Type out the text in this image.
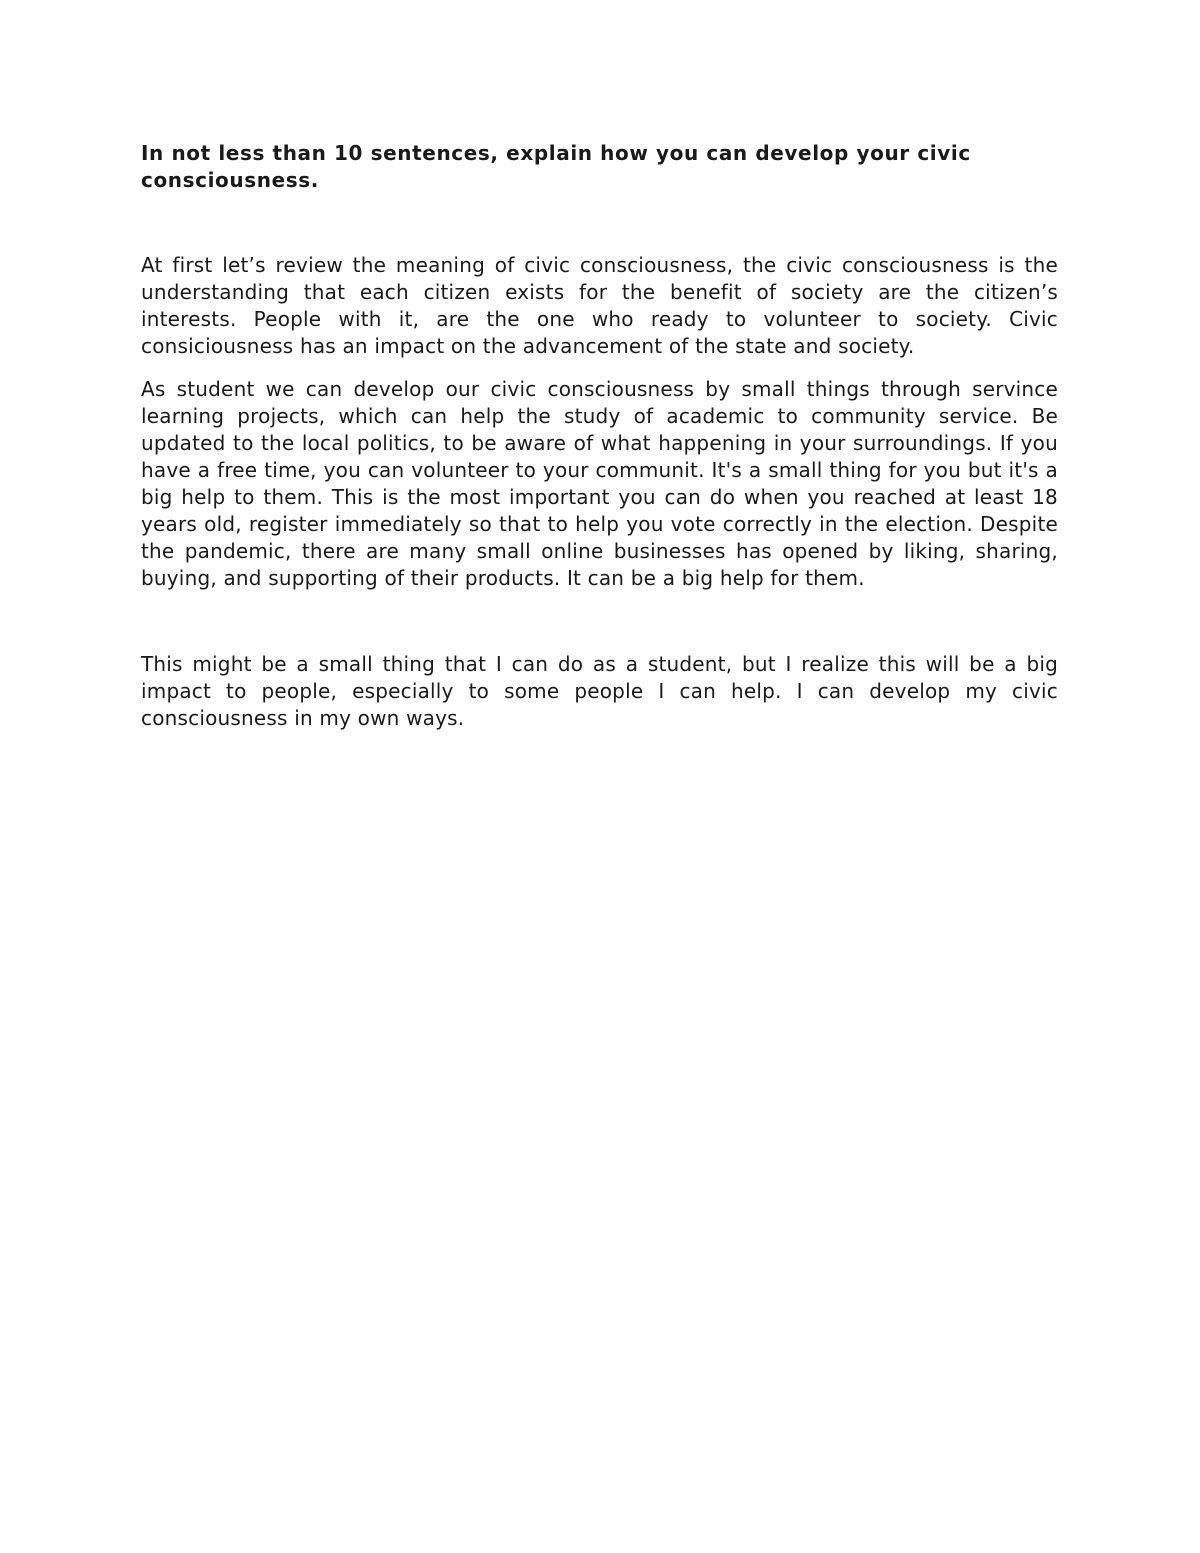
In not less than 10 sentences, explain how you can develop your civic consciousness.

At first let’s review the meaning of civic consciousness, the civic consciousness is the understanding that each citizen exists for the benefit of society are the citizen’s interests. People with it, are the one who ready to volunteer to society. Civic consiciousness has an impact on the advancement of the state and society.

As student we can develop our civic consciousness by small things through servince learning projects, which can help the study of academic to community service. Be updated to the local politics, to be aware of what happening in your surroundings. If you have a free time, you can volunteer to your communit. It's a small thing for you but it's a big help to them. This is the most important you can do when you reached at least 18 years old, register immediately so that to help you vote correctly in the election. Despite the pandemic, there are many small online businesses has opened by liking, sharing, buying, and supporting of their products. It can be a big help for them.

This might be a small thing that I can do as a student, but I realize this will be a big impact to people, especially to some people I can help. I can develop my civic consciousness in my own ways.
